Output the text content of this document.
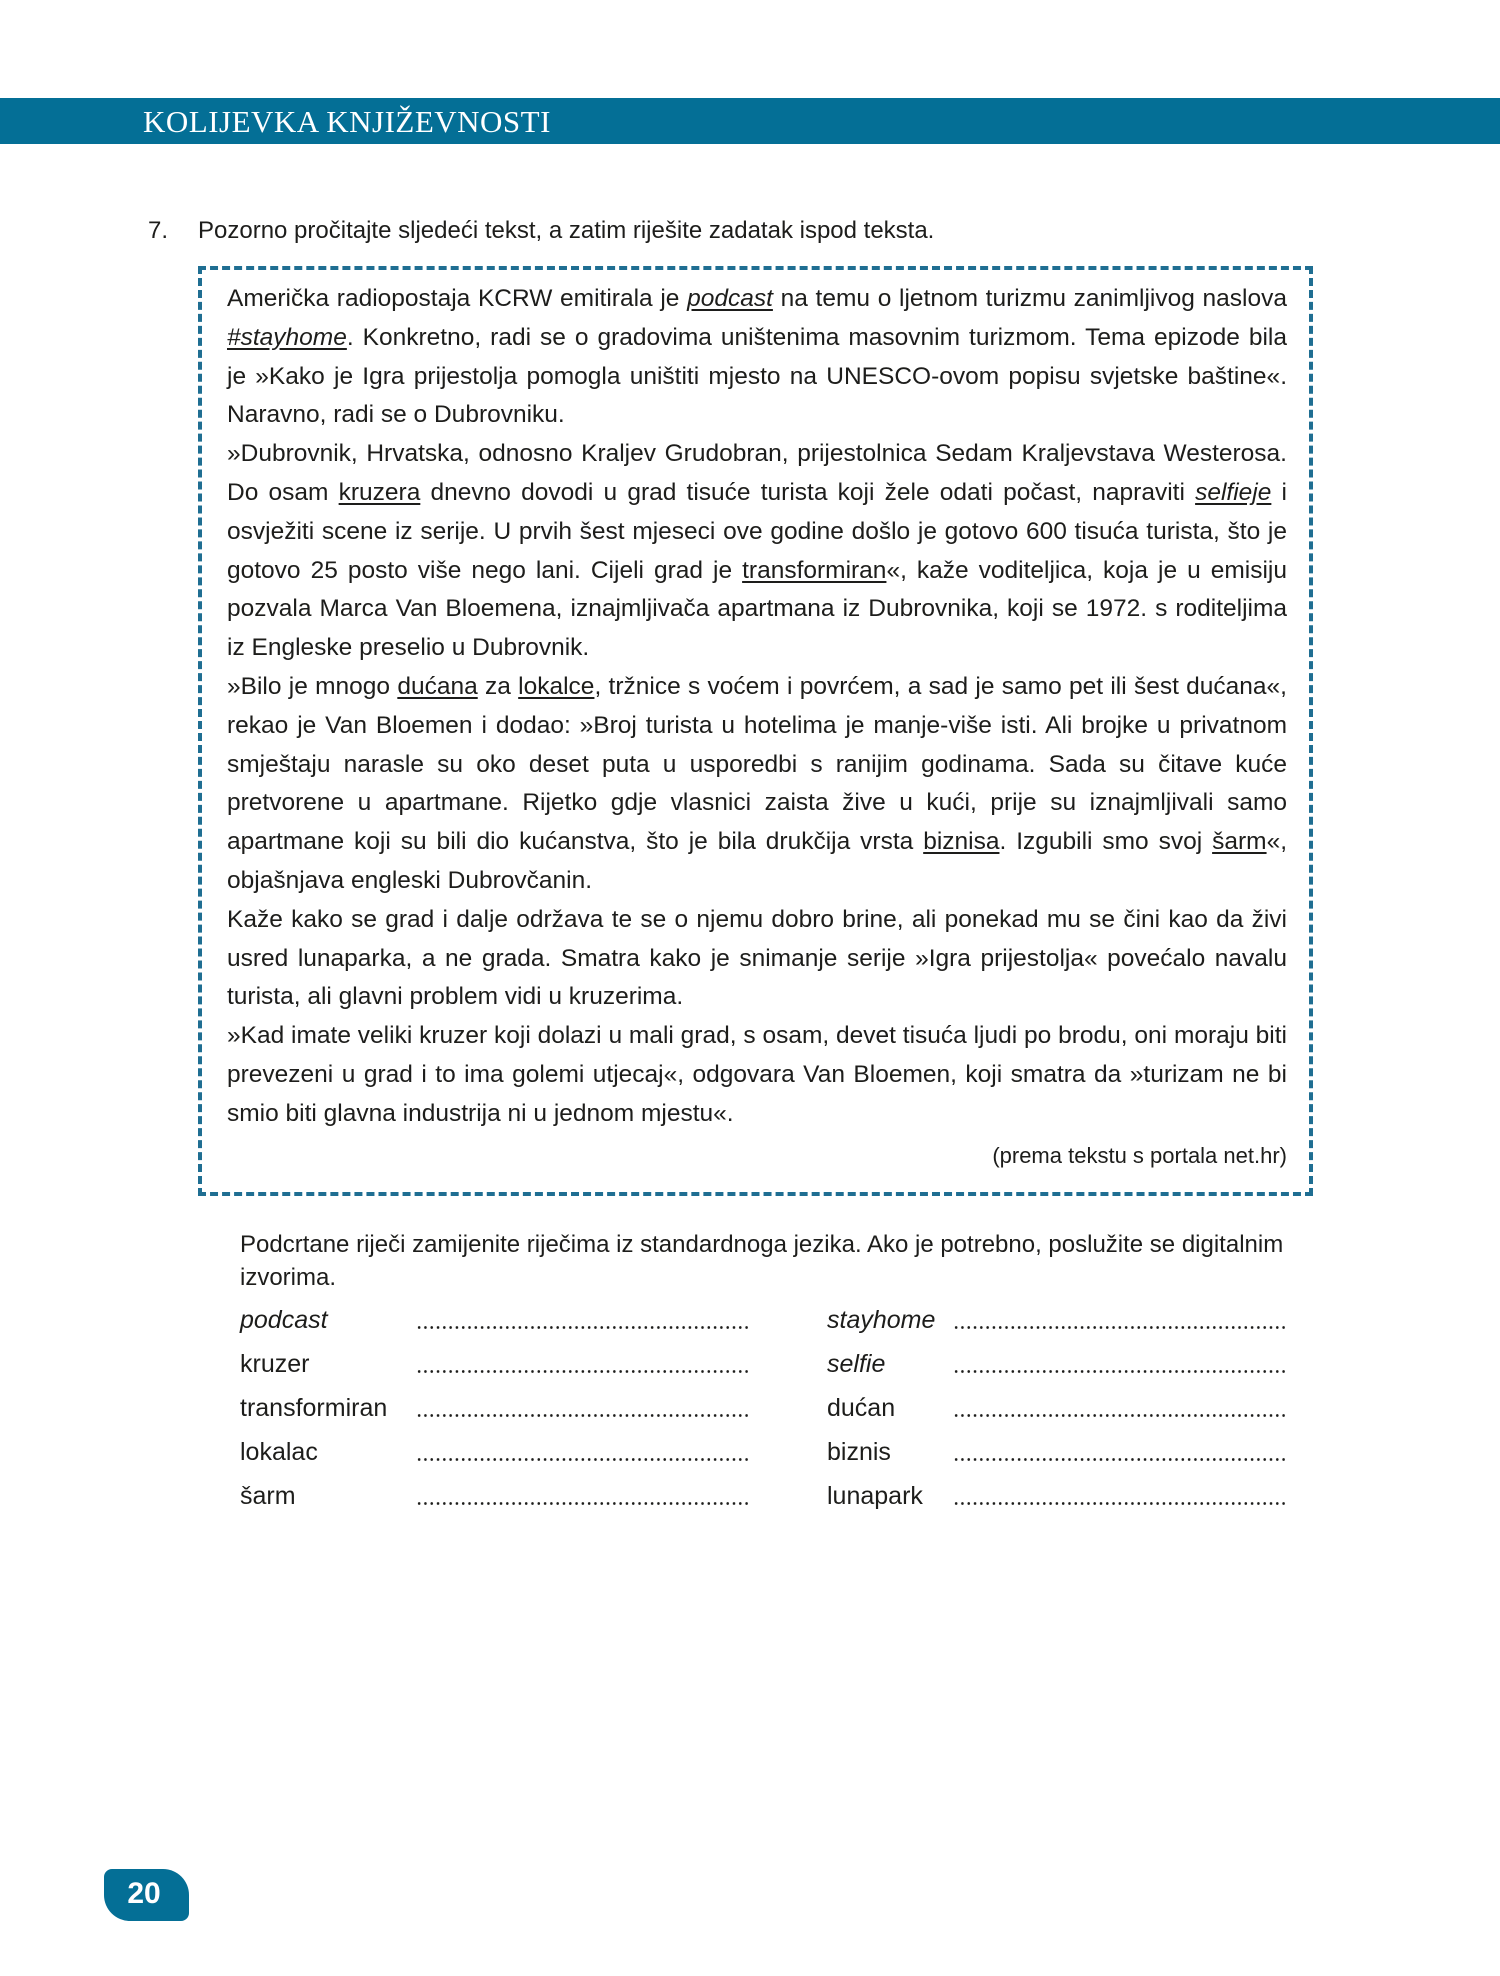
KOLIJEVKA KNJIŽEVNOSTI
7. Pozorno pročitajte sljedeći tekst, a zatim riješite zadatak ispod teksta.

Američka radiopostaja KCRW emitirala je podcast na temu o ljetnom turizmu zanimljivog naslova #stayhome. Konkretno, radi se o gradovima uništenima masovnim turizmom. Tema epizode bila je »Kako je Igra prijestolja pomogla uništiti mjesto na UNESCO-ovom popisu svjetske baštine«. Naravno, radi se o Dubrovniku.

»Dubrovnik, Hrvatska, odnosno Kraljev Grudobran, prijestolnica Sedam Kraljevstava Westerosa. Do osam kruzera dnevno dovodi u grad tisuće turista koji žele odati počast, napraviti selfieje i osvježiti scene iz serije. U prvih šest mjeseci ove godine došlo je gotovo 600 tisuća turista, što je gotovo 25 posto više nego lani. Cijeli grad je transformiran«, kaže voditeljica, koja je u emisiju pozvala Marca Van Bloemena, iznajmljivača apartmana iz Dubrovnika, koji se 1972. s roditeljima iz Engleske preselio u Dubrovnik.

»Bilo je mnogo dućana za lokalce, tržnice s voćem i povrćem, a sad je samo pet ili šest dućana«, rekao je Van Bloemen i dodao: »Broj turista u hotelima je manje-više isti. Ali brojke u privatnom smještaju narasle su oko deset puta u usporedbi s ranijim godinama. Sada su čitave kuće pretvorene u apartmane. Rijetko gdje vlasnici zaista žive u kući, prije su iznajmljivali samo apartmane koji su bili dio kućanstva, što je bila drukčija vrsta biznisa. Izgubili smo svoj šarm«, objašnjava engleski Dubrovčanin.

Kaže kako se grad i dalje održava te se o njemu dobro brine, ali ponekad mu se čini kao da živi usred lunaparka, a ne grada. Smatra kako je snimanje serije »Igra prijestolja« povećalo navalu turista, ali glavni problem vidi u kruzerima.

»Kad imate veliki kruzer koji dolazi u mali grad, s osam, devet tisuća ljudi po brodu, oni moraju biti prevezeni u grad i to ima golemi utjecaj«, odgovara Van Bloemen, koji smatra da »turizam ne bi smio biti glavna industrija ni u jednom mjestu«.

(prema tekstu s portala net.hr)
Podcrtane riječi zamijenite riječima iz standardnoga jezika. Ako je potrebno, poslužite se digitalnim izvorima.
podcast
kruzer
transformiran
lokalac
šarm
stayhome
selfie
dućan
biznis
lunapark
20
